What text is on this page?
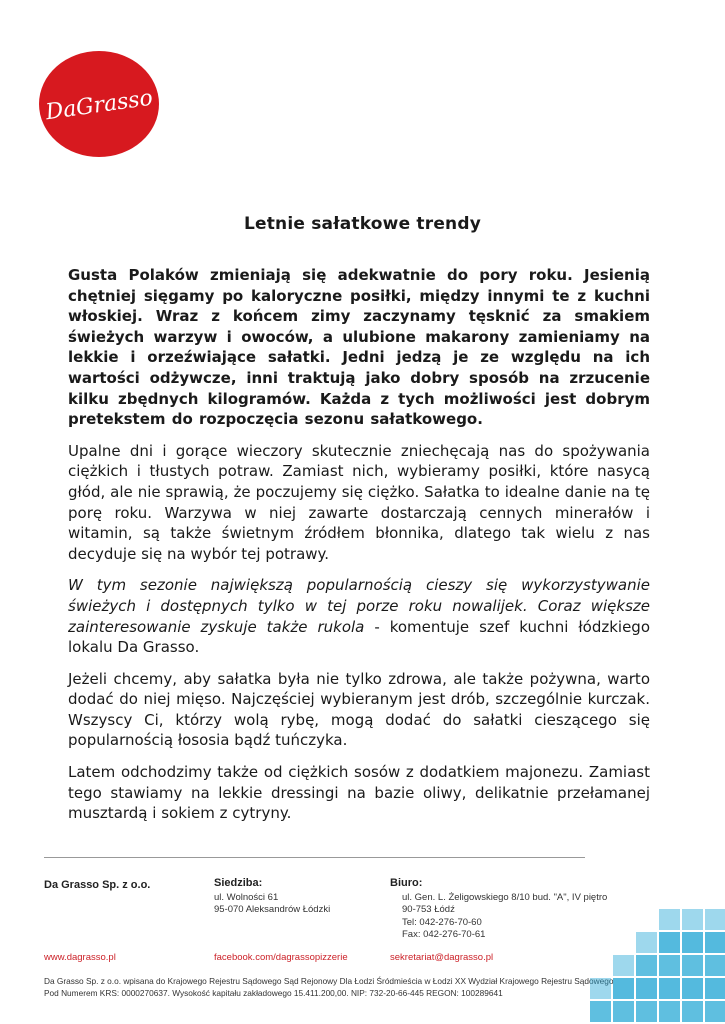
DaGrasso
Letnie sałatkowe trendy

Gusta Polaków zmieniają się adekwatnie do pory roku. Jesienią chętniej sięgamy po kaloryczne posiłki, między innymi te z kuchni włoskiej. Wraz z końcem zimy zaczynamy tęsknić za smakiem świeżych warzyw i owoców, a ulubione makarony zamieniamy na lekkie i orzeźwiające sałatki. Jedni jedzą je ze względu na ich wartości odżywcze, inni traktują jako dobry sposób na zrzucenie kilku zbędnych kilogramów. Każda z tych możliwości jest dobrym pretekstem do rozpoczęcia sezonu sałatkowego.

Upalne dni i gorące wieczory skutecznie zniechęcają nas do spożywania ciężkich i tłustych potraw. Zamiast nich, wybieramy posiłki, które nasycą głód, ale nie sprawią, że poczujemy się ciężko. Sałatka to idealne danie na tę porę roku. Warzywa w niej zawarte dostarczają cennych minerałów i witamin, są także świetnym źródłem błonnika, dlatego tak wielu z nas decyduje się na wybór tej potrawy.

W tym sezonie największą popularnością cieszy się wykorzystywanie świeżych i dostępnych tylko w tej porze roku nowalijek. Coraz większe zainteresowanie zyskuje także rukola - komentuje szef kuchni łódzkiego lokalu Da Grasso.

Jeżeli chcemy, aby sałatka była nie tylko zdrowa, ale także pożywna, warto dodać do niej mięso. Najczęściej wybieranym jest drób, szczególnie kurczak. Wszyscy Ci, którzy wolą rybę, mogą dodać do sałatki cieszącego się popularnością łososia bądź tuńczyka.

Latem odchodzimy także od ciężkich sosów z dodatkiem majonezu. Zamiast tego stawiamy na lekkie dressingi na bazie oliwy, delikatnie przełamanej musztardą i sokiem z cytryny.

Da Grasso Sp. z o.o.	Siedziba:
ul. Wolności 61
95-070 Aleksandrów Łódzki
Biuro:
ul. Gen. L. Żeligowskiego 8/10 bud. "A", IV piętro
90-753 Łódź
Tel: 042-276-70-60
Fax: 042-276-70-61
www.dagrasso.pl	facebook.com/dagrassopizzerie	sekretariat@dagrasso.pl
Da Grasso Sp. z o.o. wpisana do Krajowego Rejestru Sądowego Sąd Rejonowy Dla Łodzi Śródmieścia w Łodzi XX Wydział Krajowego Rejestru Sądowego
Pod Numerem KRS: 0000270637. Wysokość kapitału zakładowego 15.411.200,00. NIP: 732-20-66-445 REGON: 100289641
